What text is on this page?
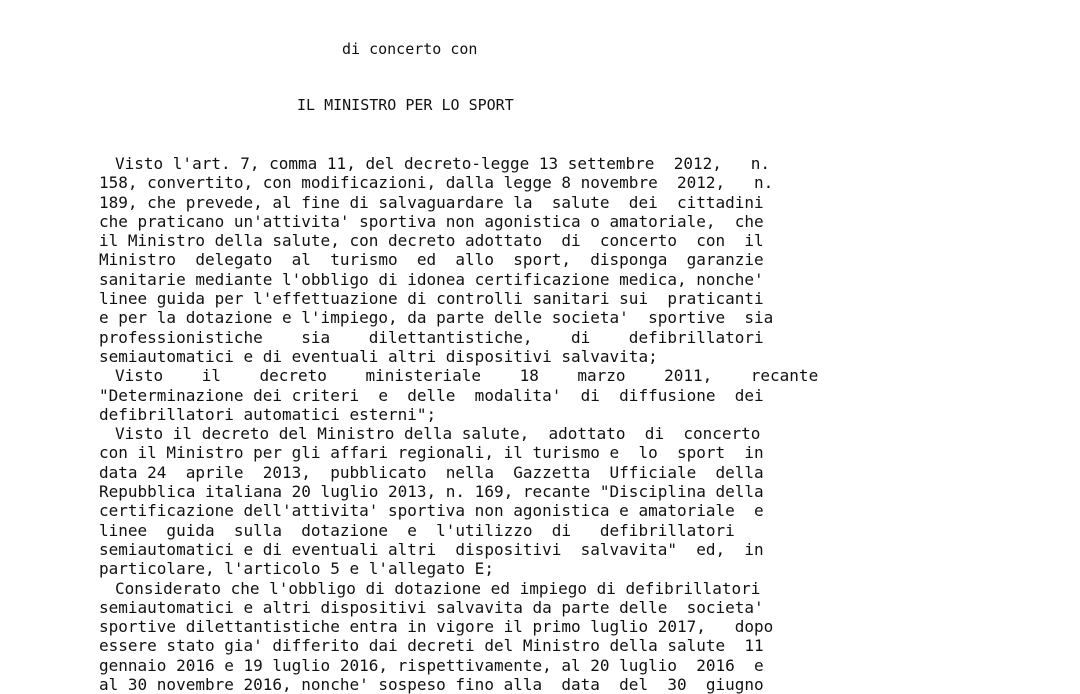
di concerto con

IL MINISTRO PER LO SPORT

Visto l'art. 7, comma 11, del decreto-legge 13 settembre  2012,   n.
158, convertito, con modificazioni, dalla legge 8 novembre  2012,   n.
189, che prevede, al fine di salvaguardare la  salute  dei  cittadini
che praticano un'attivita' sportiva non agonistica o amatoriale,  che
il Ministro della salute, con decreto adottato  di  concerto  con  il
Ministro  delegato  al  turismo  ed  allo  sport,  disponga  garanzie
sanitarie mediante l'obbligo di idonea certificazione medica, nonche'
linee guida per l'effettuazione di controlli sanitari sui  praticanti
e per la dotazione e l'impiego, da parte delle societa'  sportive  sia
professionistiche    sia    dilettantistiche,    di    defibrillatori
semiautomatici e di eventuali altri dispositivi salvavita;
Visto    il    decreto    ministeriale    18    marzo    2011,    recante
"Determinazione dei criteri  e  delle  modalita'  di  diffusione  dei
defibrillatori automatici esterni";
Visto il decreto del Ministro della salute,  adottato  di  concerto
con il Ministro per gli affari regionali, il turismo e  lo  sport  in
data 24  aprile  2013,  pubblicato  nella  Gazzetta  Ufficiale  della
Repubblica italiana 20 luglio 2013, n. 169, recante "Disciplina della
certificazione dell'attivita' sportiva non agonistica e amatoriale  e
linee  guida  sulla  dotazione  e  l'utilizzo  di   defibrillatori
semiautomatici e di eventuali altri  dispositivi  salvavita"  ed,  in
particolare, l'articolo 5 e l'allegato E;
Considerato che l'obbligo di dotazione ed impiego di defibrillatori
semiautomatici e altri dispositivi salvavita da parte delle  societa'
sportive dilettantistiche entra in vigore il primo luglio 2017,   dopo
essere stato gia' differito dai decreti del Ministro della salute  11
gennaio 2016 e 19 luglio 2016, rispettivamente, al 20 luglio  2016  e
al 30 novembre 2016, nonche' sospeso fino alla  data  del  30  giugno
